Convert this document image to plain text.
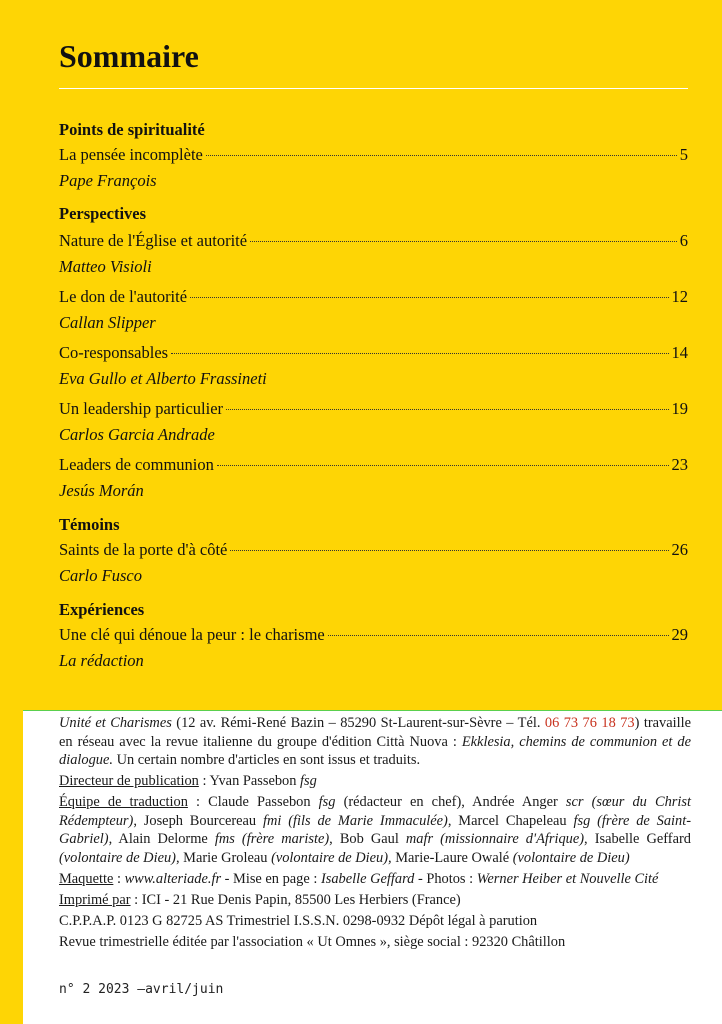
Sommaire
Points de spiritualité
La pensée incomplète	5
Pape François
Perspectives
Nature de l'Église et autorité	6
Matteo Visioli
Le don de l'autorité	12
Callan Slipper
Co-responsables	14
Eva Gullo et Alberto Frassineti
Un leadership particulier	19
Carlos Garcia Andrade
Leaders de communion	23
Jesús Morán
Témoins
Saints de la porte d'à côté	26
Carlo Fusco
Expériences
Une clé qui dénoue la peur : le charisme	29
La rédaction

Unité et Charismes (12 av. Rémi-René Bazin – 85290 St-Laurent-sur-Sèvre – Tél. 06 73 76 18 73) travaille en réseau avec la revue italienne du groupe d'édition Città Nuova : Ekklesia, chemins de communion et de dialogue. Un certain nombre d'articles en sont issus et traduits.

Directeur de publication : Yvan Passebon fsg

Équipe de traduction : Claude Passebon fsg (rédacteur en chef), Andrée Anger scr (sœur du Christ Rédempteur), Joseph Bourcereau fmi (fils de Marie Immaculée), Marcel Chapeleau fsg (frère de Saint-Gabriel), Alain Delorme fms (frère mariste), Bob Gaul mafr (missionnaire d'Afrique), Isabelle Geffard (volontaire de Dieu), Marie Groleau (volontaire de Dieu), Marie-Laure Owalé (volontaire de Dieu)

Maquette : www.alteriade.fr - Mise en page : Isabelle Geffard - Photos : Werner Heiber et Nouvelle Cité

Imprimé par : ICI - 21 Rue Denis Papin, 85500 Les Herbiers (France)

C.P.P.A.P. 0123 G 82725 AS Trimestriel I.S.S.N. 0298-0932 Dépôt légal à parution

Revue trimestrielle éditée par l'association « Ut Omnes », siège social : 92320 Châtillon

n° 2 2023 –avril/juin
